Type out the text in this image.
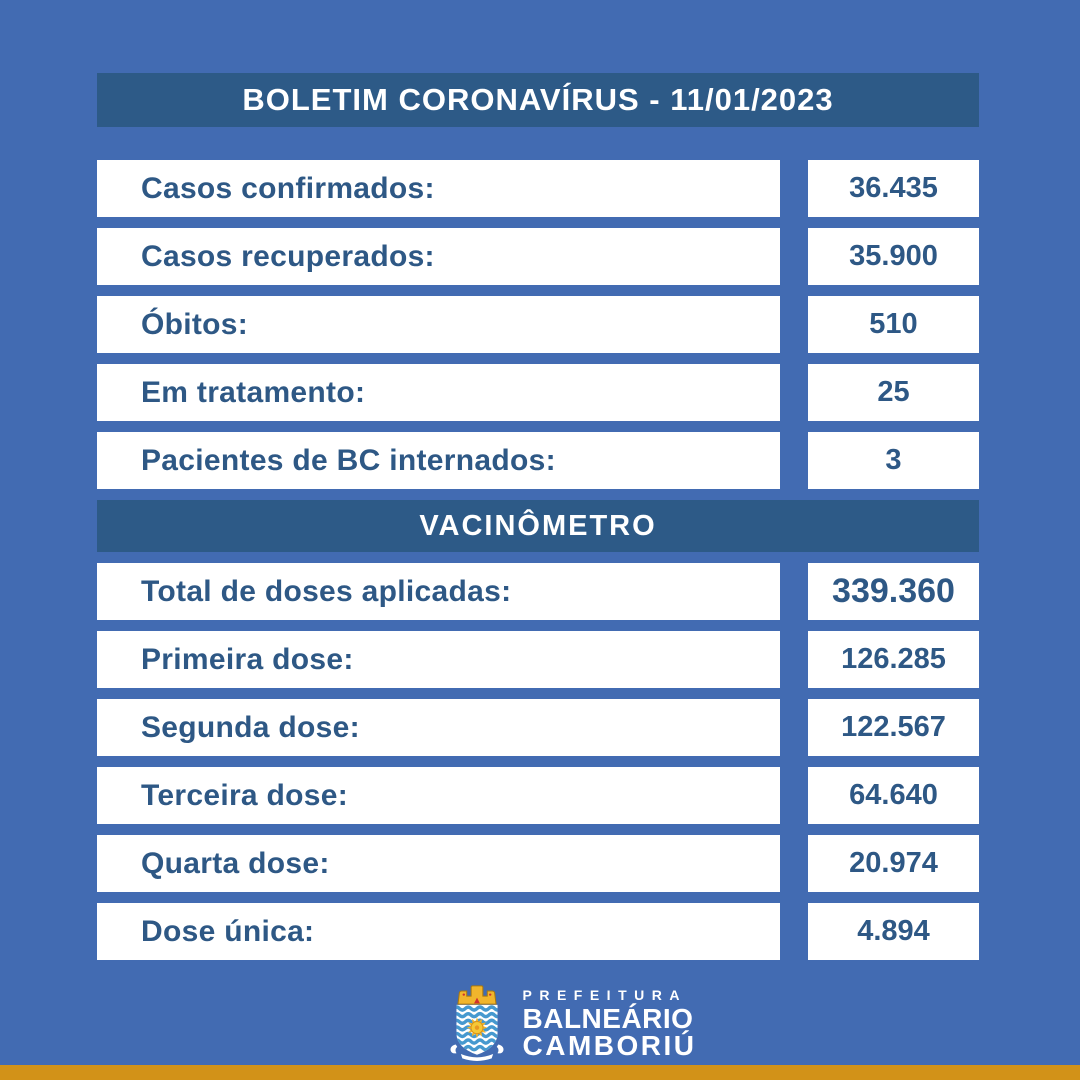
BOLETIM CORONAVÍRUS - 11/01/2023
Casos confirmados:	36.435
Casos recuperados:	35.900
Óbitos:	510
Em tratamento:	25
Pacientes de BC internados:	3
VACINÔMETRO
Total de doses aplicadas:	339.360
Primeira dose:	126.285
Segunda dose:	122.567
Terceira dose:	64.640
Quarta dose:	20.974
Dose única:	4.894
PREFEITURA
BALNEÁRIO
CAMBORIÚ
